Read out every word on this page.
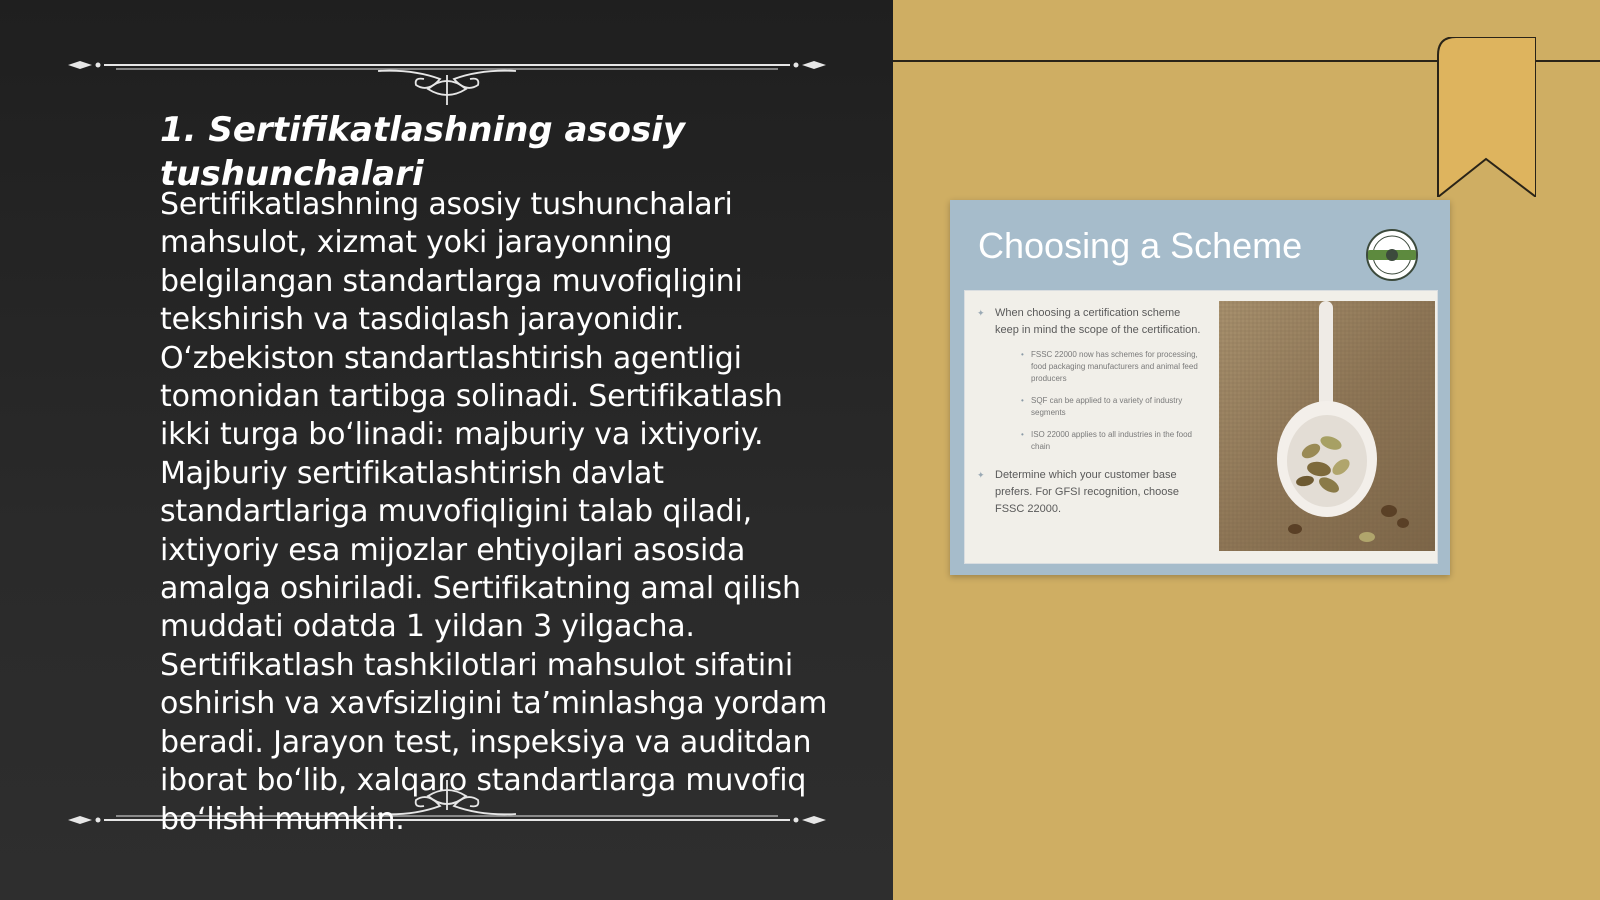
1. Sertifikatlashning asosiy tushunchalari

Sertifikatlashning asosiy tushunchalari mahsulot, xizmat yoki jarayonning belgilangan standartlarga muvofiqligini tekshirish va tasdiqlash jarayonidir. O‘zbekiston standartlashtirish agentligi tomonidan tartibga solinadi. Sertifikatlash ikki turga bo‘linadi: majburiy va ixtiyoriy. Majburiy sertifikatlashtirish davlat standartlariga muvofiqligini talab qiladi, ixtiyoriy esa mijozlar ehtiyojlari asosida amalga oshiriladi. Sertifikatning amal qilish muddati odatda 1 yildan 3 yilgacha. Sertifikatlash tashkilotlari mahsulot sifatini oshirish va xavfsizligini ta’minlashga yordam beradi. Jarayon test, inspeksiya va auditdan iborat bo‘lib, xalqaro standartlarga muvofiq bo‘lishi mumkin.

Choosing a Scheme
✦ When choosing a certification scheme keep in mind the scope of the certification.
• FSSC 22000 now has schemes for processing, food packaging manufacturers and animal feed producers
• SQF can be applied to a variety of industry segments
• ISO 22000 applies to all industries in the food chain
✦ Determine which your customer base prefers. For GFSI recognition, choose FSSC 22000.
